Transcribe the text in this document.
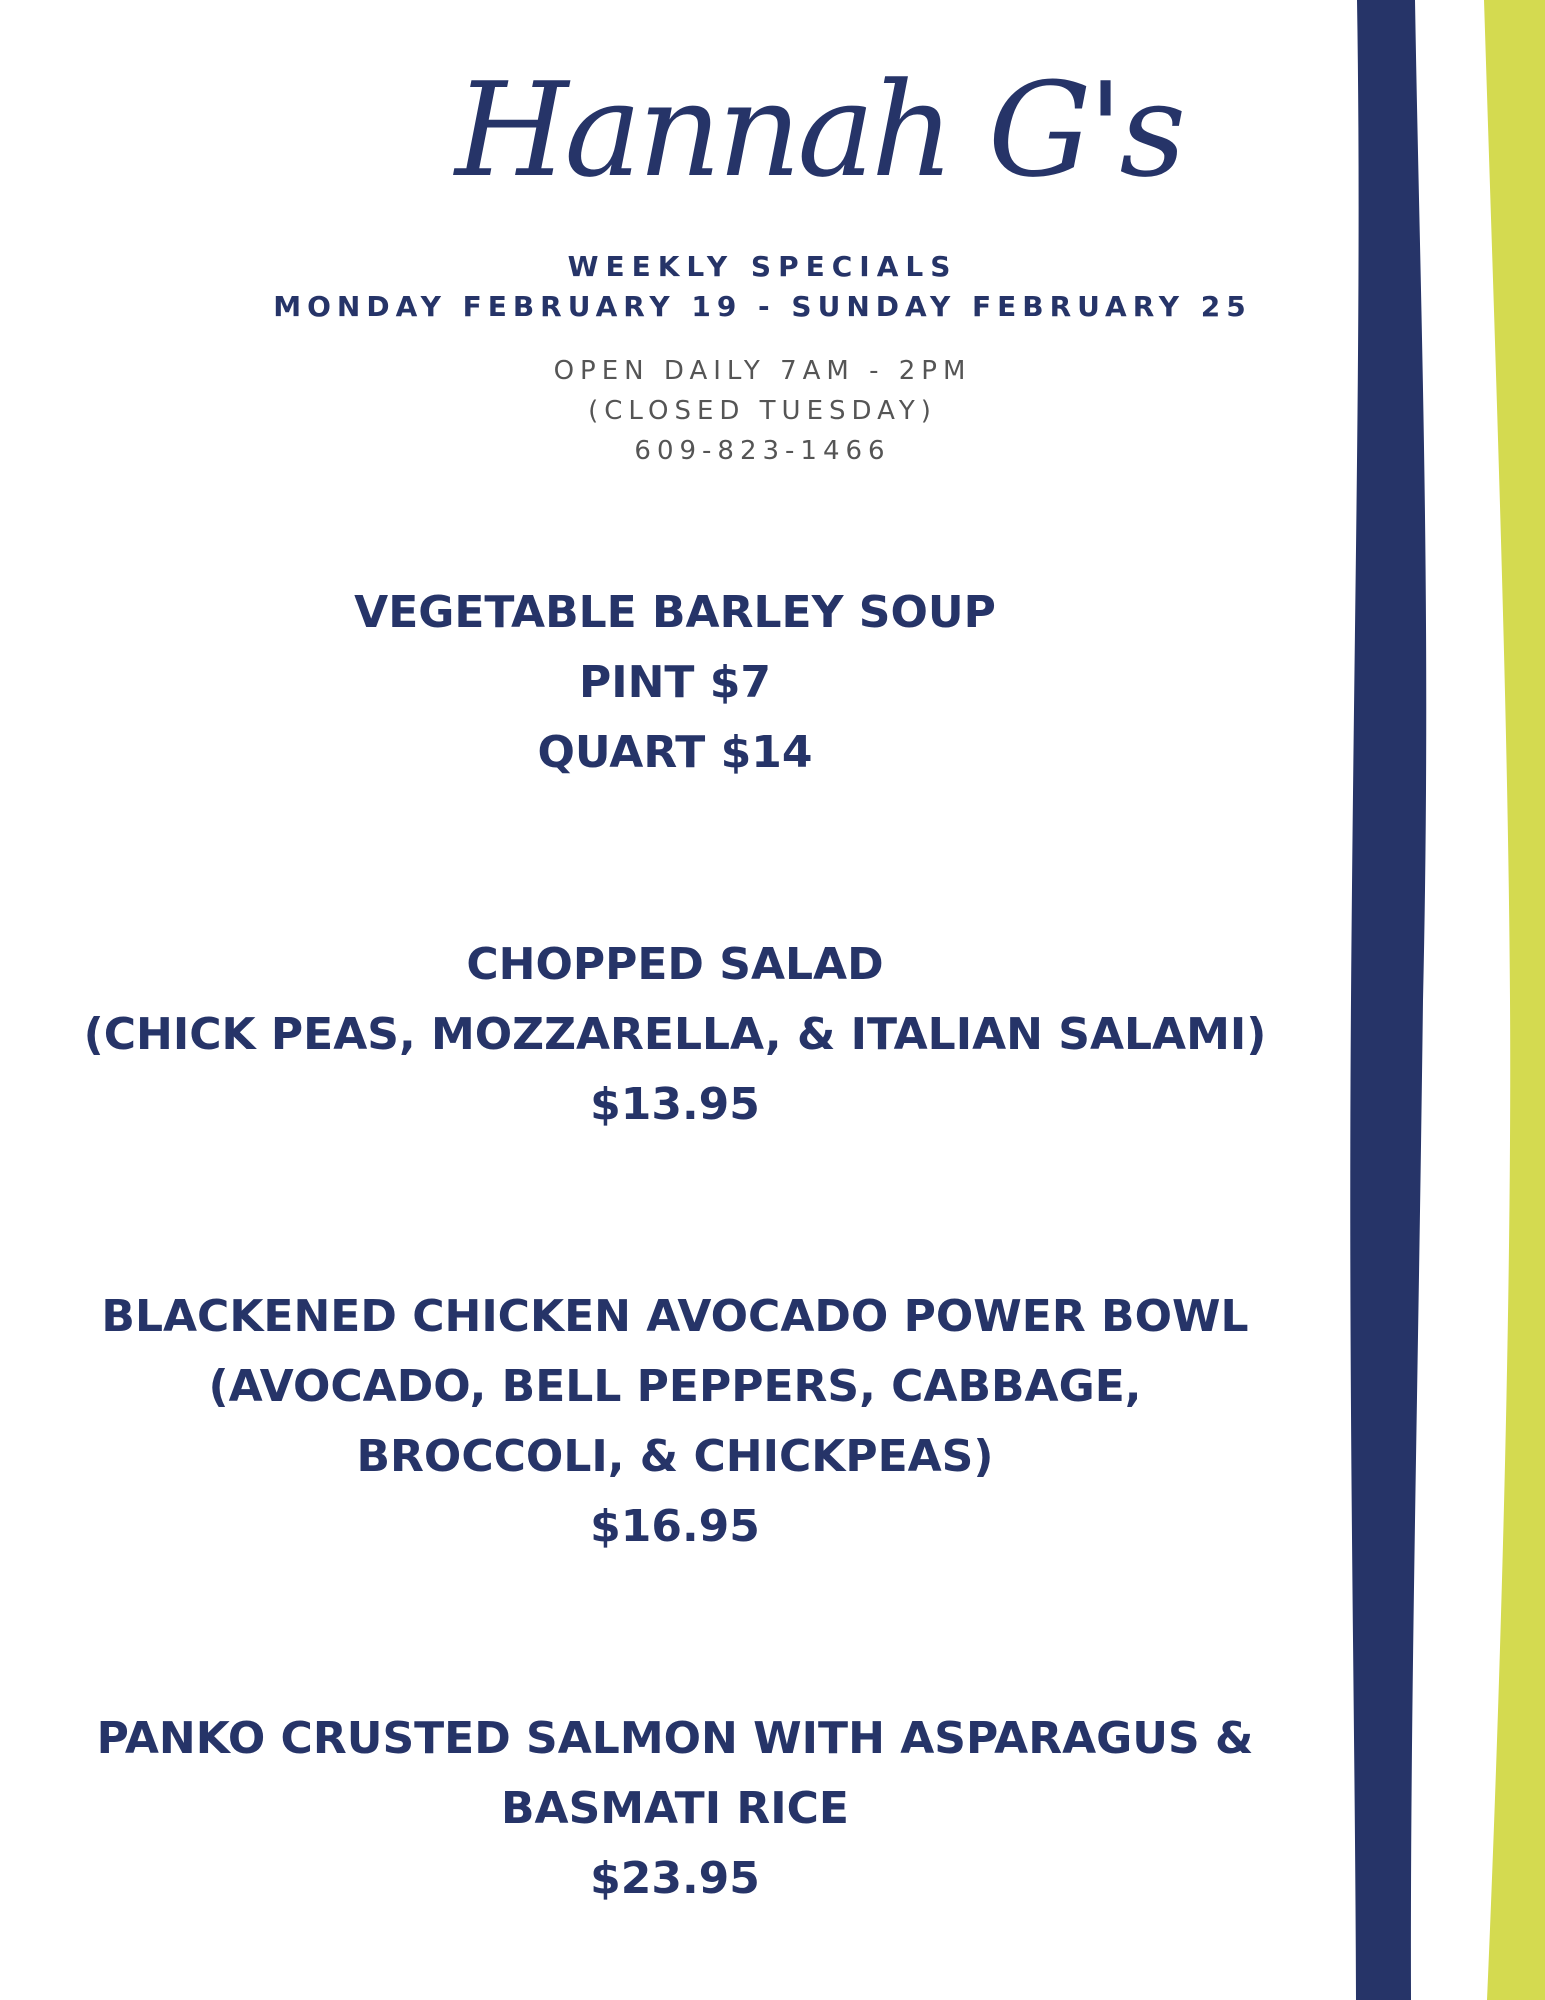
Hannah G's
WEEKLY SPECIALS
MONDAY FEBRUARY 19 - SUNDAY FEBRUARY 25
OPEN DAILY 7AM - 2PM
(CLOSED TUESDAY)
609-823-1466
VEGETABLE BARLEY SOUP
PINT $7
QUART $14
CHOPPED SALAD
(CHICK PEAS, MOZZARELLA, & ITALIAN SALAMI)
$13.95
BLACKENED CHICKEN AVOCADO POWER BOWL
(AVOCADO, BELL PEPPERS, CABBAGE,
BROCCOLI, & CHICKPEAS)
$16.95
PANKO CRUSTED SALMON WITH ASPARAGUS &
BASMATI RICE
$23.95
